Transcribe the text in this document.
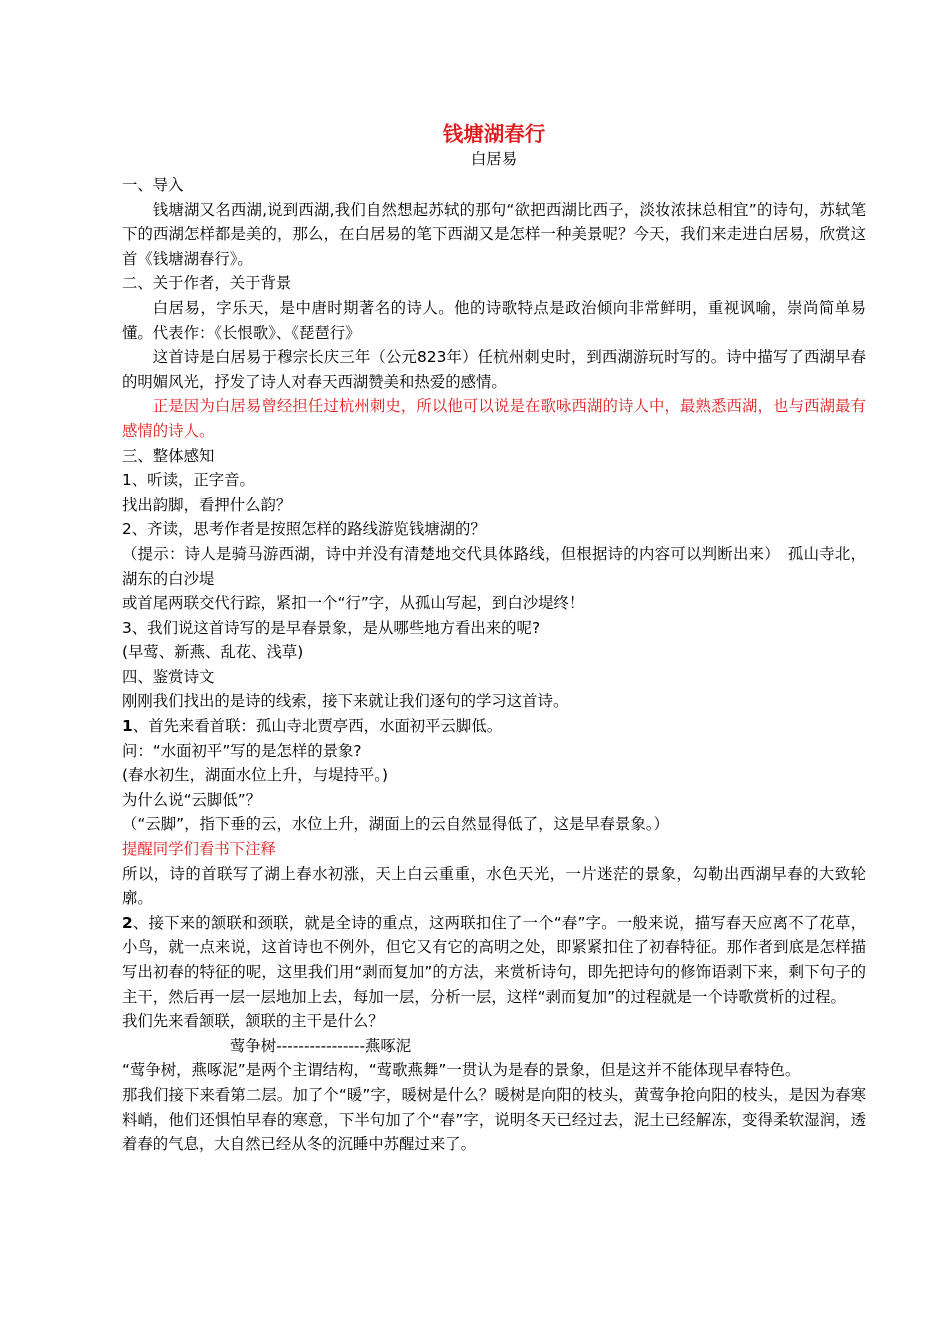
钱塘湖春行

白居易

一、导入

钱塘湖又名西湖,说到西湖,我们自然想起苏轼的那句“欲把西湖比西子，淡妆浓抹总相宜”的诗句，苏轼笔下的西湖怎样都是美的，那么，在白居易的笔下西湖又是怎样一种美景呢？今天，我们来走进白居易，欣赏这首《钱塘湖春行》。

二、关于作者，关于背景

白居易，字乐天，是中唐时期著名的诗人。他的诗歌特点是政治倾向非常鲜明，重视讽喻，崇尚简单易懂。代表作：《长恨歌》、《琵琶行》

这首诗是白居易于穆宗长庆三年（公元823年）任杭州刺史时，到西湖游玩时写的。诗中描写了西湖早春的明媚风光，抒发了诗人对春天西湖赞美和热爱的感情。

正是因为白居易曾经担任过杭州刺史，所以他可以说是在歌咏西湖的诗人中，最熟悉西湖，也与西湖最有感情的诗人。

三、整体感知

1、听读，正字音。

找出韵脚，看押什么韵？

2、齐读，思考作者是按照怎样的路线游览钱塘湖的？

（提示：诗人是骑马游西湖，诗中并没有清楚地交代具体路线，但根据诗的内容可以判断出来）　孤山寺北，湖东的白沙堤

或首尾两联交代行踪，紧扣一个“行”字，从孤山写起，到白沙堤终！

3、我们说这首诗写的是早春景象，是从哪些地方看出来的呢?

(早莺、新燕、乱花、浅草)

四、鉴赏诗文

刚刚我们找出的是诗的线索，接下来就让我们逐句的学习这首诗。

1、首先来看首联：孤山寺北贾亭西，水面初平云脚低。

问：“水面初平”写的是怎样的景象?

(春水初生，湖面水位上升，与堤持平。)

为什么说“云脚低”？

（“云脚”，指下垂的云，水位上升，湖面上的云自然显得低了，这是早春景象。）

提醒同学们看书下注释

所以，诗的首联写了湖上春水初涨，天上白云重重，水色天光，一片迷茫的景象，勾勒出西湖早春的大致轮廓。

2、接下来的颔联和颈联，就是全诗的重点，这两联扣住了一个“春”字。一般来说，描写春天应离不了花草，小鸟，就一点来说，这首诗也不例外，但它又有它的高明之处，即紧紧扣住了初春特征。那作者到底是怎样描写出初春的特征的呢，这里我们用“剥而复加”的方法，来赏析诗句，即先把诗句的修饰语剥下来，剩下句子的主干，然后再一层一层地加上去，每加一层，分析一层，这样“剥而复加”的过程就是一个诗歌赏析的过程。

我们先来看颔联，颔联的主干是什么？

莺争树----------------燕啄泥

“莺争树，燕啄泥”是两个主谓结构，“莺歌燕舞”一贯认为是春的景象，但是这并不能体现早春特色。

那我们接下来看第二层。加了个“暖”字，暖树是什么？暖树是向阳的枝头，黄莺争抢向阳的枝头，是因为春寒料峭，他们还惧怕早春的寒意，下半句加了个“春”字，说明冬天已经过去，泥土已经解冻，变得柔软湿润，透着春的气息，大自然已经从冬的沉睡中苏醒过来了。
